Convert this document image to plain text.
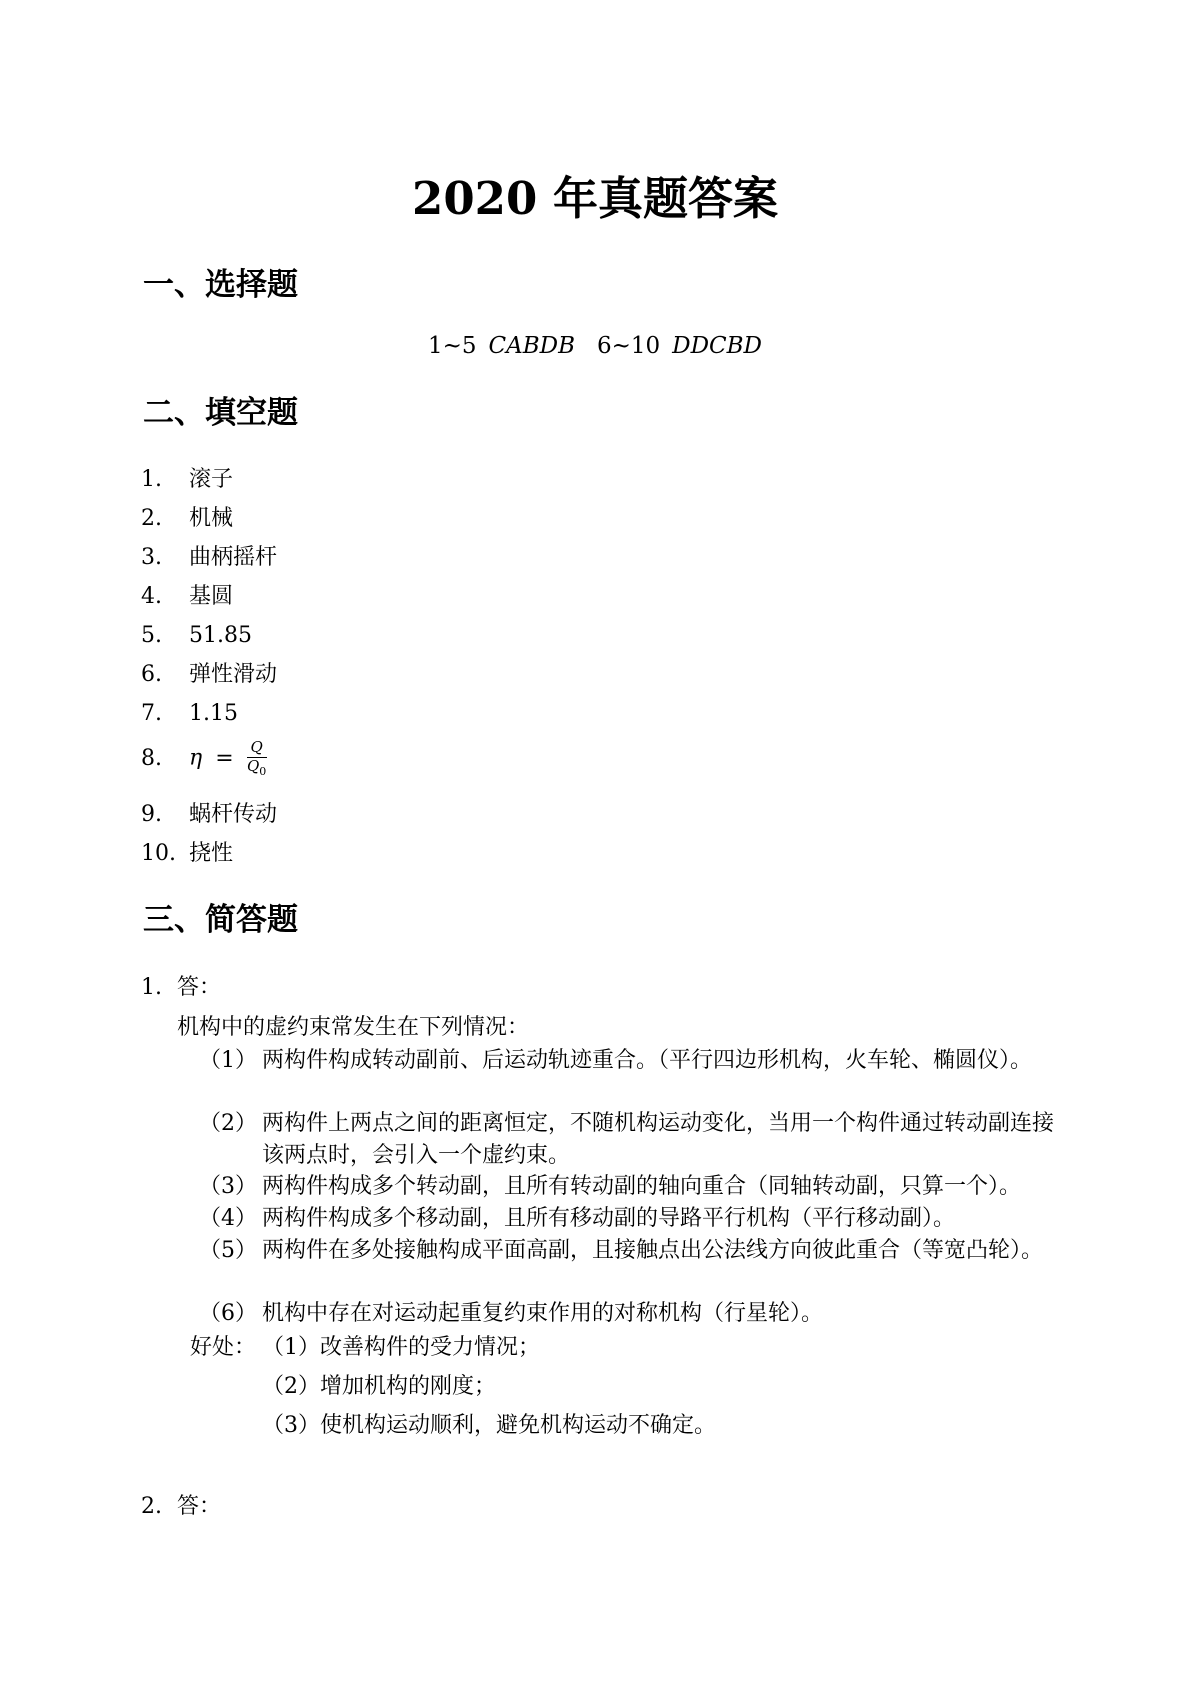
2020 年真题答案
一、选择题
1~5 CABDB 6~10 DDCBD
二、填空题
1. 滚子
2. 机械
3. 曲柄摇杆
4. 基圆
5. 51.85
6. 弹性滑动
7. 1.15
8. $\eta = \frac{Q}{Q_0}$
9. 蜗杆传动
10. 挠性
三、简答题
1. 答：
机构中的虚约束常发生在下列情况：
（1） 两构件构成转动副前、后运动轨迹重合。（平行四边形机构，火车轮、椭圆仪）。
（2） 两构件上两点之间的距离恒定，不随机构运动变化，当用一个构件通过转动副连接该两点时，会引入一个虚约束。
（3） 两构件构成多个转动副，且所有转动副的轴向重合（同轴转动副，只算一个）。
（4） 两构件构成多个移动副，且所有移动副的导路平行机构（平行移动副）。
（5） 两构件在多处接触构成平面高副，且接触点出公法线方向彼此重合（等宽凸轮）。
（6） 机构中存在对运动起重复约束作用的对称机构（行星轮）。
好处： （1）改善构件的受力情况；
（2）增加机构的刚度；
（3）使机构运动顺利，避免机构运动不确定。
2. 答：
